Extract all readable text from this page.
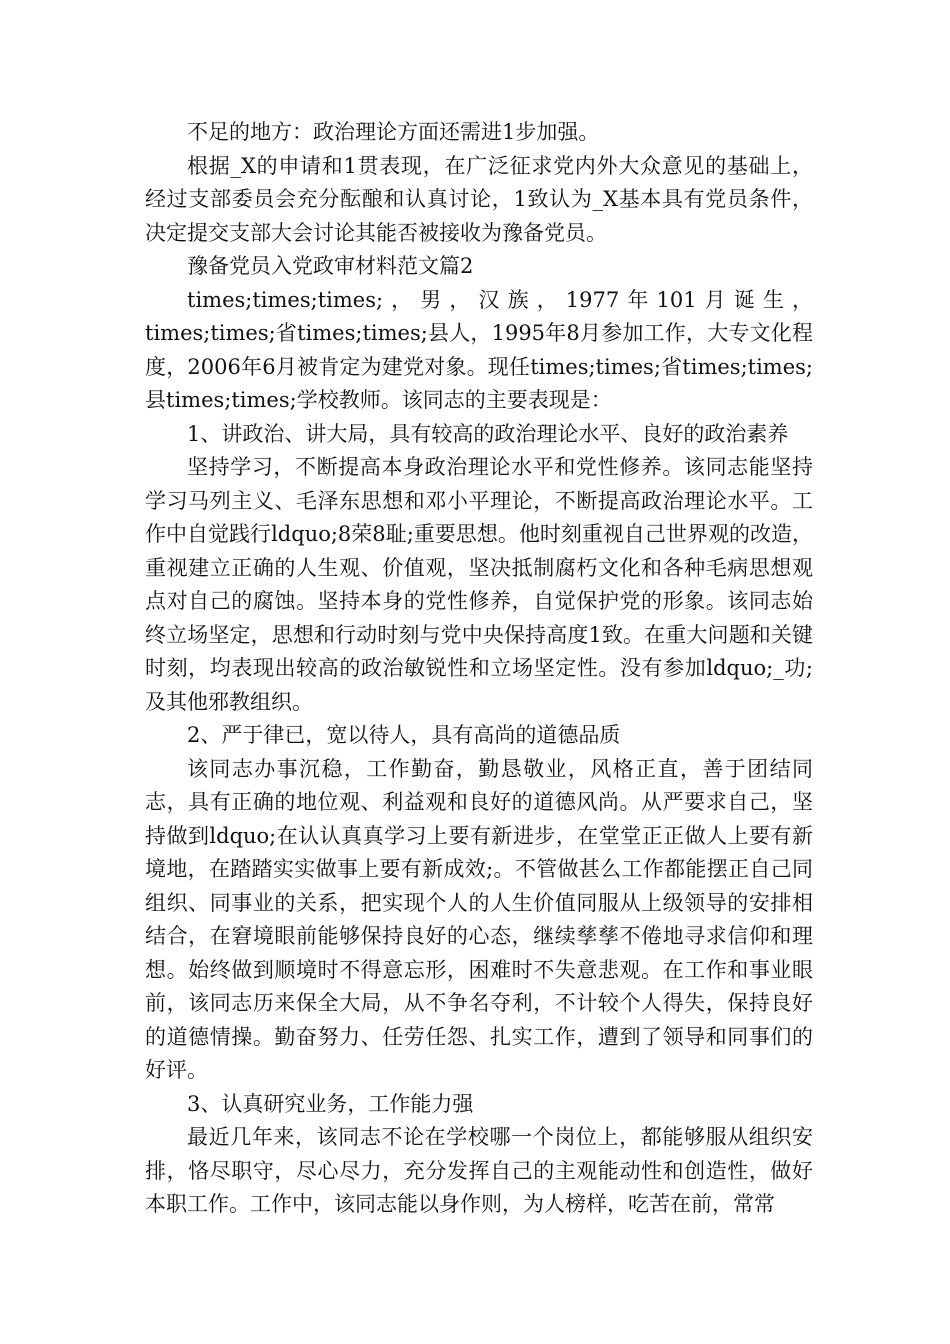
不足的地方：政治理论方面还需进1步加强。

根据_X的申请和1贯表现，在广泛征求党内外大众意见的基础上，经过支部委员会充分酝酿和认真讨论，1致认为_X基本具有党员条件，决定提交支部大会讨论其能否被接收为豫备党员。

豫备党员入党政审材料范文篇2

times;times;times;，男，汉族，1977年101月诞生，times;times;省times;times;县人，1995年8月参加工作，大专文化程度，2006年6月被肯定为建党对象。现任times;times;省times;times;县times;times;学校教师。该同志的主要表现是：

1、讲政治、讲大局，具有较高的政治理论水平、良好的政治素养

坚持学习，不断提高本身政治理论水平和党性修养。该同志能坚持学习马列主义、毛泽东思想和邓小平理论，不断提高政治理论水平。工作中自觉践行ldquo;8荣8耻;重要思想。他时刻重视自己世界观的改造，重视建立正确的人生观、价值观，坚决抵制腐朽文化和各种毛病思想观点对自己的腐蚀。坚持本身的党性修养，自觉保护党的形象。该同志始终立场坚定，思想和行动时刻与党中央保持高度1致。在重大问题和关键时刻，均表现出较高的政治敏锐性和立场坚定性。没有参加ldquo;_功;及其他邪教组织。

2、严于律已，宽以待人，具有高尚的道德品质

该同志办事沉稳，工作勤奋，勤恳敬业，风格正直，善于团结同志，具有正确的地位观、利益观和良好的道德风尚。从严要求自己，坚持做到ldquo;在认认真真学习上要有新进步，在堂堂正正做人上要有新境地，在踏踏实实做事上要有新成效;。不管做甚么工作都能摆正自己同组织、同事业的关系，把实现个人的人生价值同服从上级领导的安排相结合，在窘境眼前能够保持良好的心态，继续孳孳不倦地寻求信仰和理想。始终做到顺境时不得意忘形，困难时不失意悲观。在工作和事业眼前，该同志历来保全大局，从不争名夺利，不计较个人得失，保持良好的道德情操。勤奋努力、任劳任怨、扎实工作，遭到了领导和同事们的好评。

3、认真研究业务，工作能力强

最近几年来，该同志不论在学校哪一个岗位上，都能够服从组织安排，恪尽职守，尽心尽力，充分发挥自己的主观能动性和创造性，做好本职工作。工作中，该同志能以身作则，为人榜样，吃苦在前，常常
